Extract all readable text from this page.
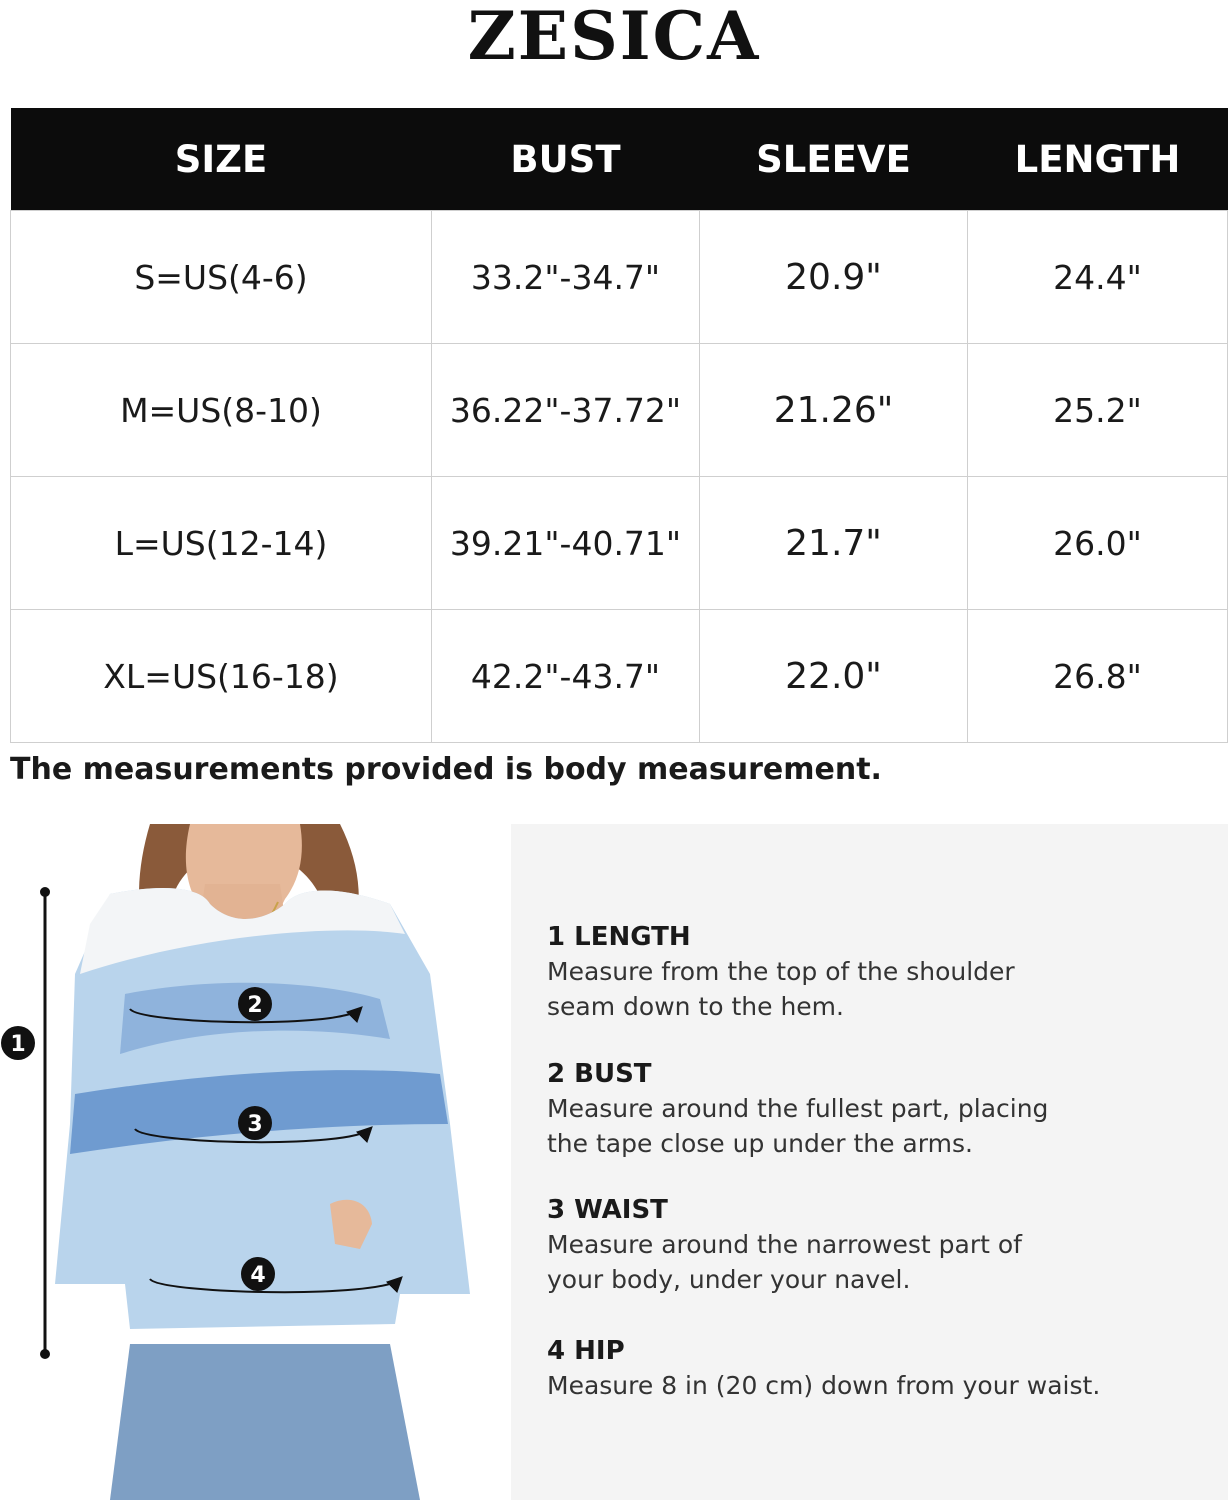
ZESICA
SIZE	BUST	SLEEVE	LENGTH
S=US(4-6)	33.2"-34.7"	20.9"	24.4"
M=US(8-10)	36.22"-37.72"	21.26"	25.2"
L=US(12-14)	39.21"-40.71"	21.7"	26.0"
XL=US(16-18)	42.2"-43.7"	22.0"	26.8"
The measurements provided is body measurement.
1
2
3
4
1 LENGTH
Measure from the top of the shoulder
seam down to the hem.
2 BUST
Measure around the fullest part, placing
the tape close up under the arms.
3 WAIST
Measure around the narrowest part of
your body, under your navel.
4 HIP
Measure 8 in (20 cm) down from your waist.
